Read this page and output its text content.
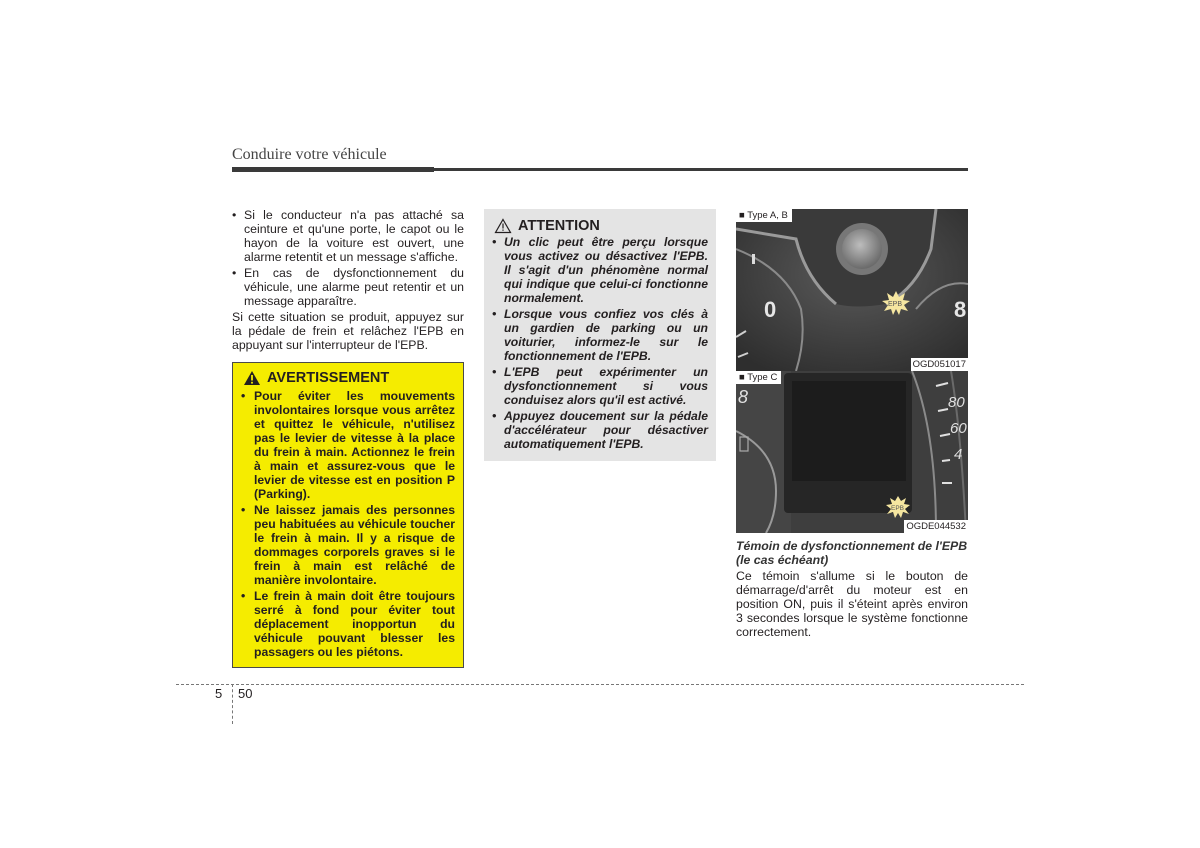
Conduire votre véhicule
• Si le conducteur n'a pas attaché sa ceinture et qu'une porte, le capot ou le hayon de la voiture est ouvert, une alarme retentit et un message s'affiche.
• En cas de dysfonctionnement du véhicule, une alarme peut retentir et un message apparaître.
Si cette situation se produit, appuyez sur la pédale de frein et relâchez l'EPB en appuyant sur l'interrupteur de l'EPB.
AVERTISSEMENT
• Pour éviter les mouvements involontaires lorsque vous arrêtez et quittez le véhicule, n'utilisez pas le levier de vitesse à la place du frein à main. Actionnez le frein à main et assurez-vous que le levier de vitesse est en position P (Parking).
• Ne laissez jamais des personnes peu habituées au véhicule toucher le frein à main. Il y a risque de dommages corporels graves si le frein à main est relâché de manière involontaire.
• Le frein à main doit être toujours serré à fond pour éviter tout déplacement inopportun du véhicule pouvant blesser les passagers ou les piétons.
ATTENTION
• Un clic peut être perçu lorsque vous activez ou désactivez l'EPB. Il s'agit d'un phénomène normal qui indique que celui-ci fonctionne normalement.
• Lorsque vous confiez vos clés à un gardien de parking ou un voiturier, informez-le sur le fonctionnement de l'EPB.
• L'EPB peut expérimenter un dysfonctionnement si vous conduisez alors qu'il est activé.
• Appuyez doucement sur la pédale d'accélérateur pour désactiver automatiquement l'EPB.
0	8
EPB
■ Type A, B
OGD051017
8	80
60
4
EPB
■ Type C
OGDE044532
Témoin de dysfonctionnement de l'EPB (le cas échéant)
Ce témoin s'allume si le bouton de démarrage/d'arrêt du moteur est en position ON, puis il s'éteint après environ 3 secondes lorsque le système fonctionne correctement.
5 50
